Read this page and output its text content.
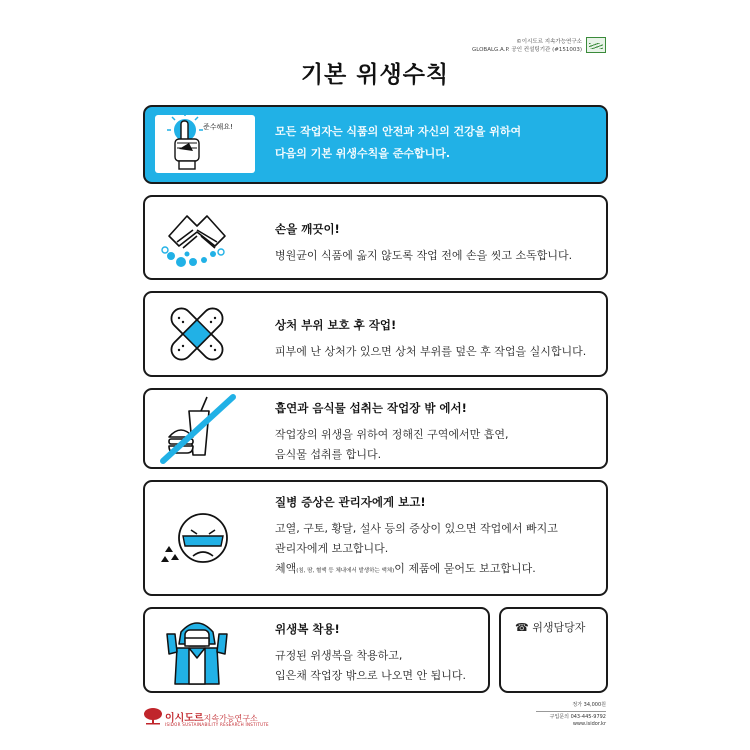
©이시도르 지속가능연구소
GLOBALG.A.P. 공인 컨설팅기관 (#151003)
기본 위생수칙
준수해요!	모든 작업자는 식품의 안전과 자신의 건강을 위하여
다음의 기본 위생수칙을 준수합니다.
손을 깨끗이!
병원균이 식품에 옮지 않도록 작업 전에 손을 씻고 소독합니다.
상처 부위 보호 후 작업!
피부에 난 상처가 있으면 상처 부위를 덮은 후 작업을 실시합니다.
흡연과 음식물 섭취는 작업장 밖 에서!
작업장의 위생을 위하여 정해진 구역에서만 흡연,
음식물 섭취를 합니다.
질병 증상은 관리자에게 보고!
고열, 구토, 황달, 설사 등의 증상이 있으면 작업에서 빠지고
관리자에게 보고합니다.
체액(침, 땀, 혈액 등 체내에서 발생하는 액체)이 제품에 묻어도 보고합니다.
위생복 착용!
규정된 위생복을 착용하고,
입은채 작업장 밖으로 나오면 안 됩니다.
☎ 위생담당자
정가 34,000원
구입문의 043-445-9792
www.isidor.kr
이시도르지속가능연구소
ISIDOR SUSTAINABILITY RESEARCH INSTITUTE
